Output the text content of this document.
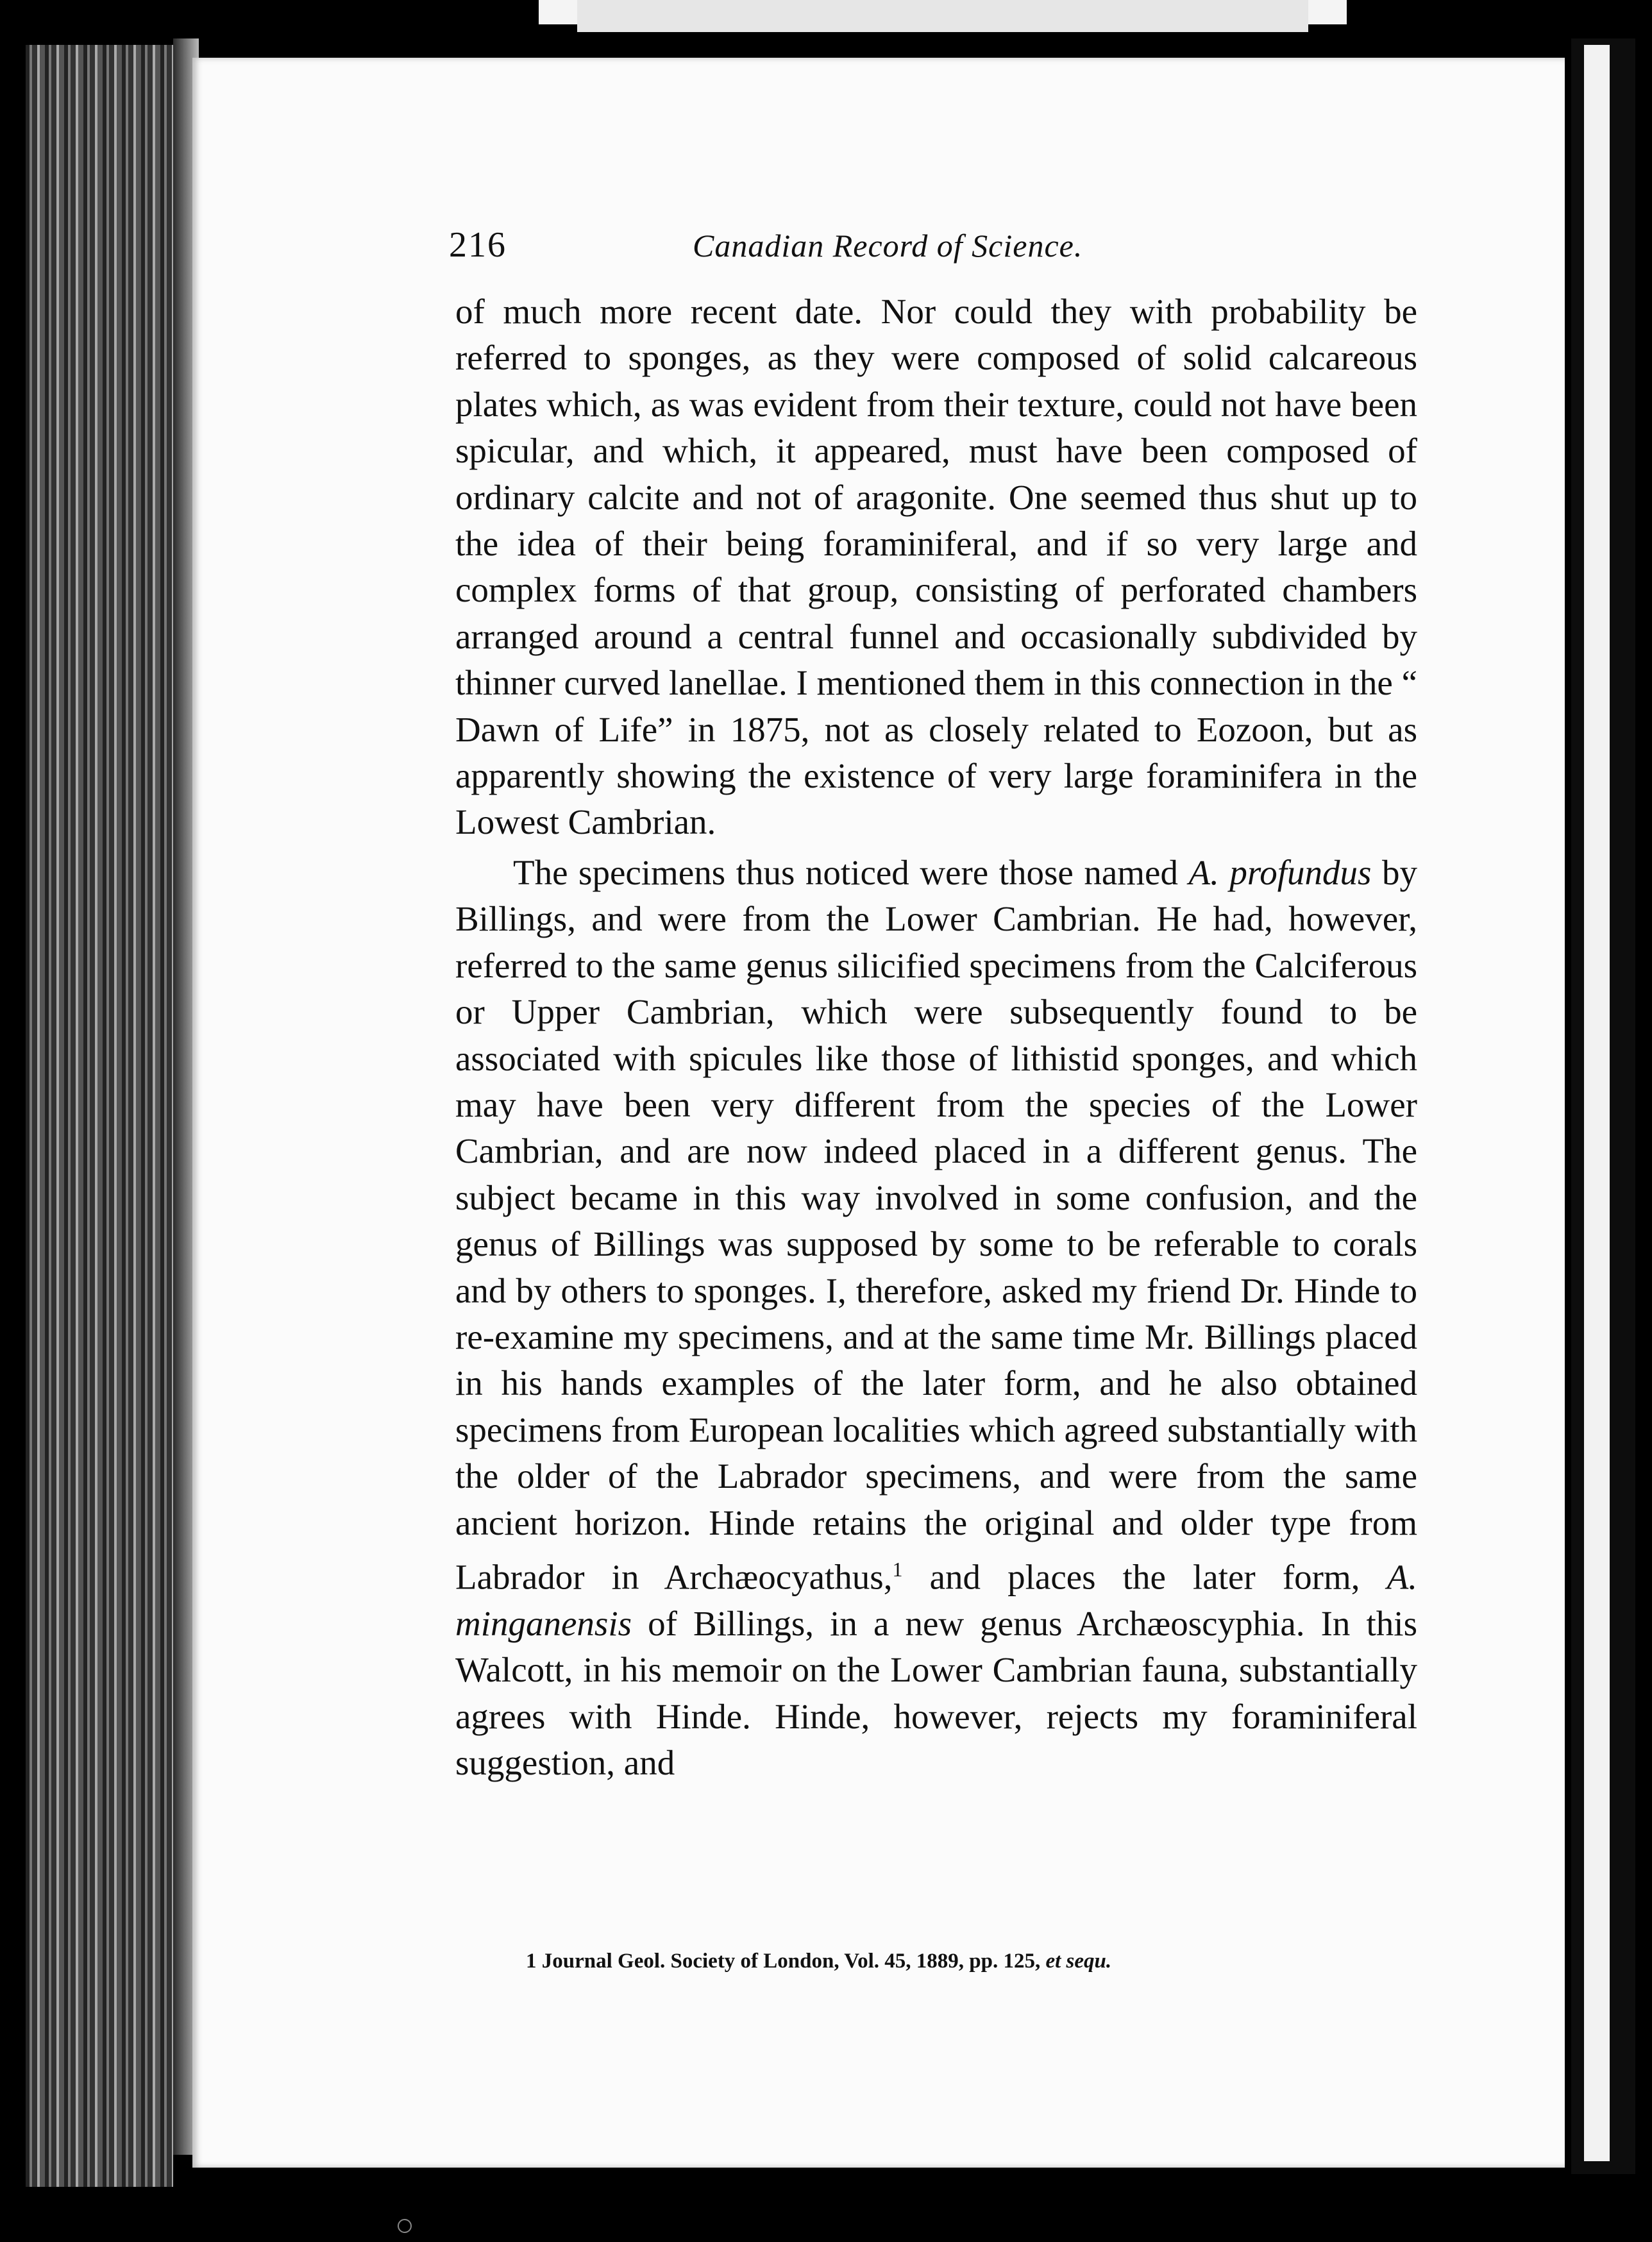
216	Canadian Record of Science.

of much more recent date. Nor could they with probability be referred to sponges, as they were composed of solid calcareous plates which, as was evident from their texture, could not have been spicular, and which, it appeared, must have been composed of ordinary calcite and not of aragonite. One seemed thus shut up to the idea of their being foraminiferal, and if so very large and complex forms of that group, consisting of perforated chambers arranged around a central funnel and occasionally subdivided by thinner curved lanellae. I mentioned them in this connection in the “ Dawn of Life” in 1875, not as closely related to Eozoon, but as apparently showing the existence of very large foraminifera in the Lowest Cambrian.

The specimens thus noticed were those named A. profundus by Billings, and were from the Lower Cambrian. He had, however, referred to the same genus silicified specimens from the Calciferous or Upper Cambrian, which were subsequently found to be associated with spicules like those of lithistid sponges, and which may have been very different from the species of the Lower Cambrian, and are now indeed placed in a different genus. The subject became in this way involved in some confusion, and the genus of Billings was supposed by some to be referable to corals and by others to sponges. I, therefore, asked my friend Dr. Hinde to re-examine my specimens, and at the same time Mr. Billings placed in his hands examples of the later form, and he also obtained specimens from European localities which agreed substantially with the older of the Labrador specimens, and were from the same ancient horizon. Hinde retains the original and older type from Labrador in Archæocyathus,$^1$ and places the later form, A. minganensis of Billings, in a new genus Archæoscyphia. In this Walcott, in his memoir on the Lower Cambrian fauna, substantially agrees with Hinde. Hinde, however, rejects my foraminiferal suggestion, and

1 Journal Geol. Society of London, Vol. 45, 1889, pp. 125, et sequ.
